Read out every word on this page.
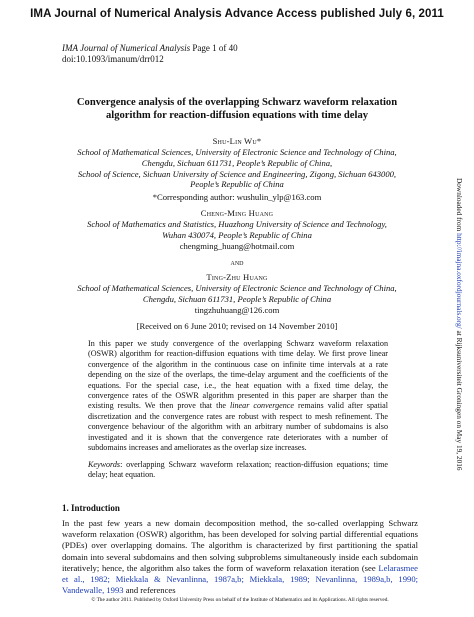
IMA Journal of Numerical Analysis Advance Access published July 6, 2011
IMA Journal of Numerical Analysis Page 1 of 40
doi:10.1093/imanum/drr012
Convergence analysis of the overlapping Schwarz waveform relaxation
algorithm for reaction-diffusion equations with time delay
Shu-Lin Wu*
School of Mathematical Sciences, University of Electronic Science and Technology of China,
Chengdu, Sichuan 611731, People’s Republic of China,
School of Science, Sichuan University of Science and Engineering, Zigong, Sichuan 643000,
People’s Republic of China
*Corresponding author: wushulin_ylp@163.com
Cheng-Ming Huang
School of Mathematics and Statistics, Huazhong University of Science and Technology,
Wuhan 430074, People’s Republic of China
chengming_huang@hotmail.com
and
Ting-Zhu Huang
School of Mathematical Sciences, University of Electronic Science and Technology of China,
Chengdu, Sichuan 611731, People’s Republic of China
tingzhuhuang@126.com
[Received on 6 June 2010; revised on 14 November 2010]
In this paper we study convergence of the overlapping Schwarz waveform relaxation (OSWR) algorithm for reaction-diffusion equations with time delay. We first prove linear convergence of the algorithm in the continuous case on infinite time intervals at a rate depending on the size of the overlaps, the time-delay argument and the coefficients of the equations. For the special case, i.e., the heat equation with a fixed time delay, the convergence rates of the OSWR algorithm presented in this paper are sharper than the existing results. We then prove that the linear convergence remains valid after spatial discretization and the convergence rates are robust with respect to mesh refinement. The convergence behaviour of the algorithm with an arbitrary number of subdomains is also investigated and it is shown that the convergence rate deteriorates with a number of subdomains increases and ameliorates as the overlap size increases.
Keywords: overlapping Schwarz waveform relaxation; reaction-diffusion equations; time delay; heat equation.
1. Introduction
In the past few years a new domain decomposition method, the so-called overlapping Schwarz waveform relaxation (OSWR) algorithm, has been developed for solving partial differential equations (PDEs) over overlapping domains. The algorithm is characterized by first partitioning the spatial domain into several subdomains and then solving subproblems simultaneously inside each subdomain iteratively; hence, the algorithm also takes the form of waveform relaxation iteration (see Lelarasmee et al., 1982; Miekkala & Nevanlinna, 1987a,b; Miekkala, 1989; Nevanlinna, 1989a,b, 1990; Vandewalle, 1993 and references
© The author 2011. Published by Oxford University Press on behalf of the Institute of Mathematics and its Applications. All rights reserved.
Downloaded from http://imajna.oxfordjournals.org/ at Rijksuniversiteit Groningen on May 19, 2016
